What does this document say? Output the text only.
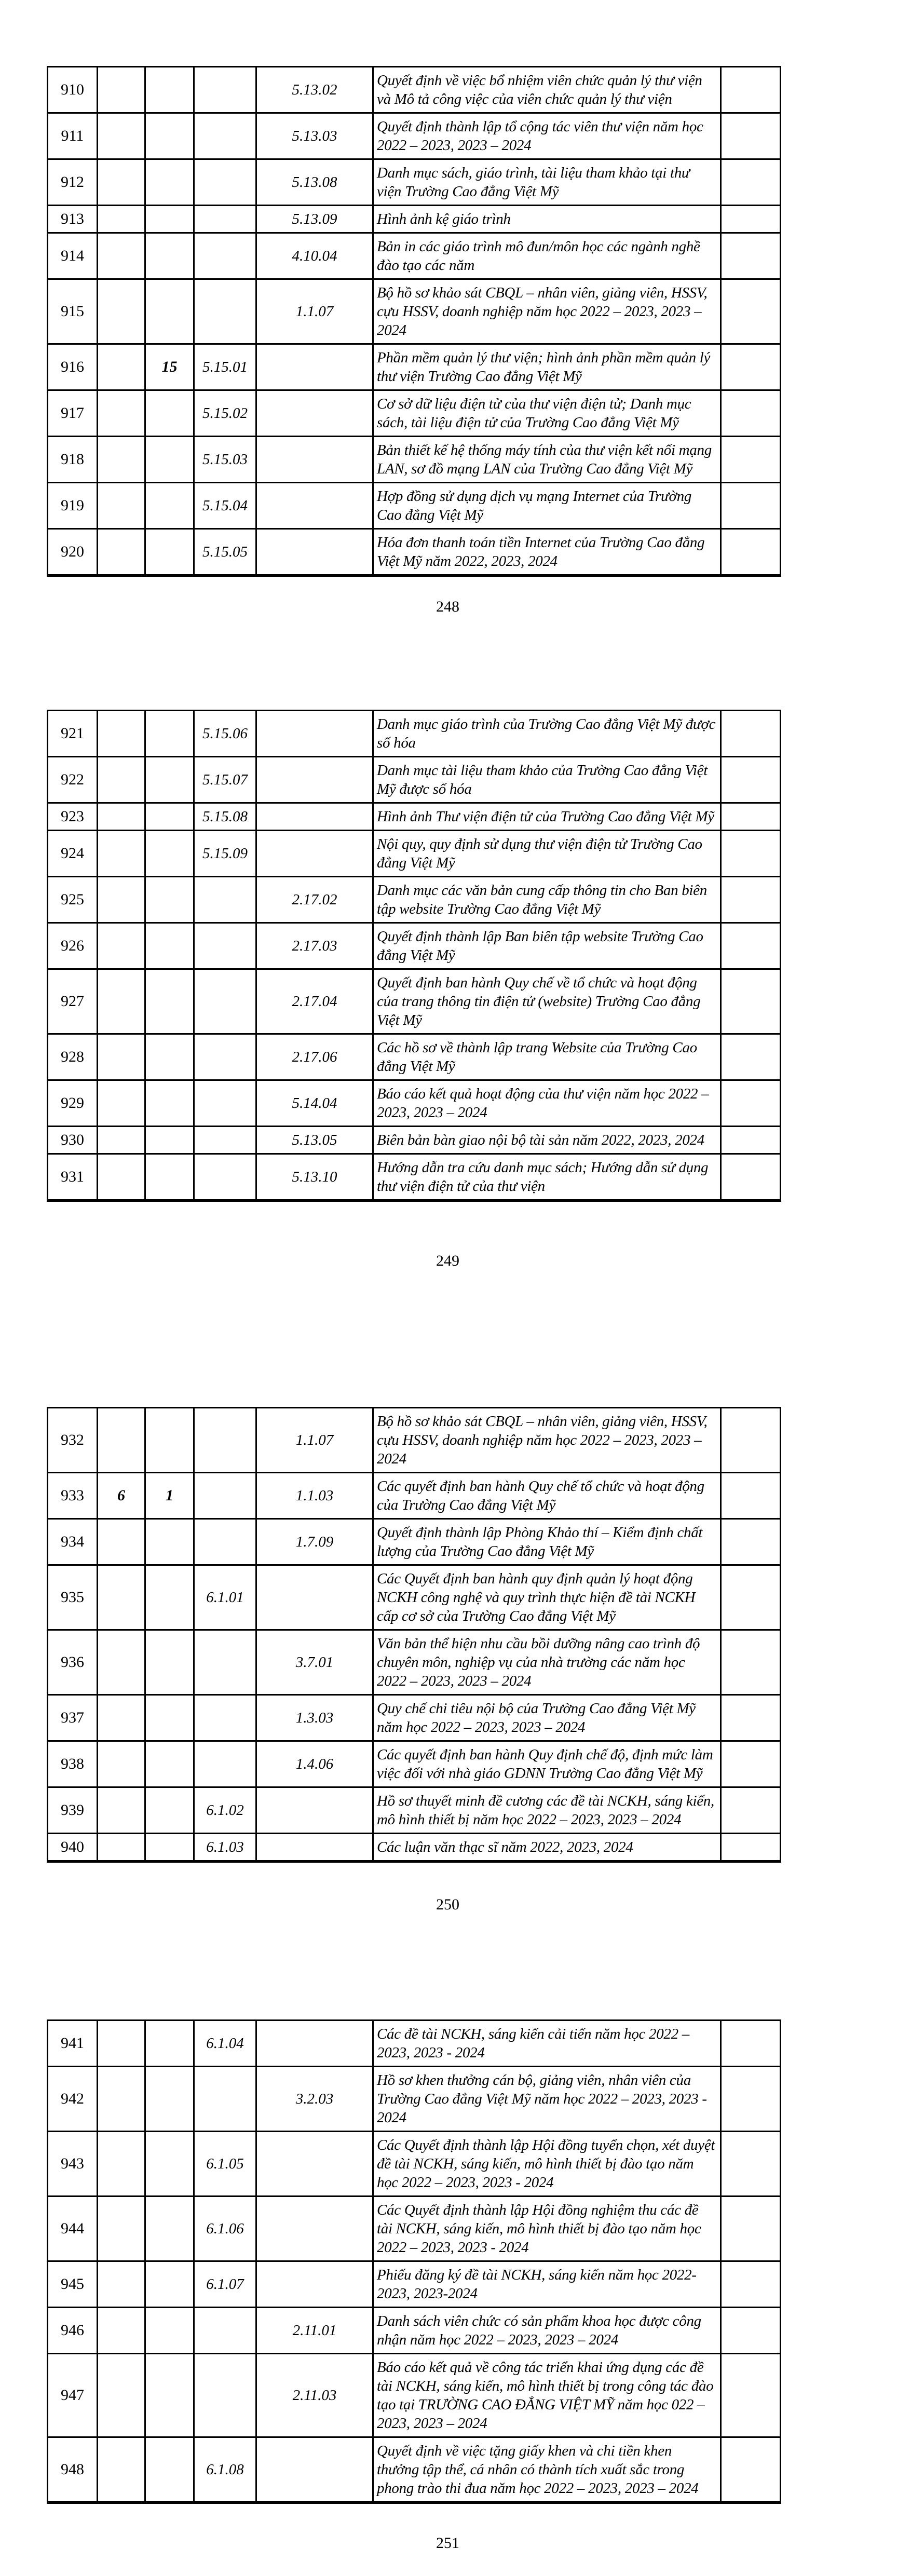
910				5.13.02	Quyết định về việc bổ nhiệm viên chức quản lý thư viện và Mô tả công việc của viên chức quản lý thư viện	
911				5.13.03	Quyết định thành lập tổ cộng tác viên thư viện năm học 2022 – 2023, 2023 – 2024	
912				5.13.08	Danh mục sách, giáo trình, tài liệu tham khảo tại thư viện Trường Cao đẳng Việt Mỹ	
913				5.13.09	Hình ảnh kệ giáo trình	
914				4.10.04	Bản in các giáo trình mô đun/môn học các ngành nghề đào tạo các năm	
915				1.1.07	Bộ hồ sơ khảo sát CBQL – nhân viên, giảng viên, HSSV, cựu HSSV, doanh nghiệp năm học 2022 – 2023, 2023 – 2024	
916		15	5.15.01		Phần mềm quản lý thư viện; hình ảnh phần mềm quản lý thư viện Trường Cao đẳng Việt Mỹ	
917			5.15.02		Cơ sở dữ liệu điện tử của thư viện điện tử; Danh mục sách, tài liệu điện tử của Trường Cao đẳng Việt Mỹ	
918			5.15.03		Bản thiết kế hệ thống máy tính của thư viện kết nối mạng LAN, sơ đồ mạng LAN của Trường Cao đẳng Việt Mỹ	
919			5.15.04		Hợp đồng sử dụng dịch vụ mạng Internet của Trường Cao đẳng Việt Mỹ	
920			5.15.05		Hóa đơn thanh toán tiền Internet của Trường Cao đẳng Việt Mỹ năm 2022, 2023, 2024	
248
921			5.15.06		Danh mục giáo trình của Trường Cao đẳng Việt Mỹ được số hóa	
922			5.15.07		Danh mục tài liệu tham khảo của Trường Cao đẳng Việt Mỹ được số hóa	
923			5.15.08		Hình ảnh Thư viện điện tử của Trường Cao đẳng Việt Mỹ	
924			5.15.09		Nội quy, quy định sử dụng thư viện điện tử Trường Cao đẳng Việt Mỹ	
925				2.17.02	Danh mục các văn bản cung cấp thông tin cho Ban biên tập website Trường Cao đẳng Việt Mỹ	
926				2.17.03	Quyết định thành lập Ban biên tập website Trường Cao đẳng Việt Mỹ	
927				2.17.04	Quyết định ban hành Quy chế về tổ chức và hoạt động của trang thông tin điện tử (website) Trường Cao đẳng Việt Mỹ	
928				2.17.06	Các hồ sơ về thành lập trang Website của Trường Cao đẳng Việt Mỹ	
929				5.14.04	Báo cáo kết quả hoạt động của thư viện năm học 2022 – 2023, 2023 – 2024	
930				5.13.05	Biên bản bàn giao nội bộ tài sản năm 2022, 2023, 2024	
931				5.13.10	Hướng dẫn tra cứu danh mục sách; Hướng dẫn sử dụng thư viện điện tử của thư viện	
249
932				1.1.07	Bộ hồ sơ khảo sát CBQL – nhân viên, giảng viên, HSSV, cựu HSSV, doanh nghiệp năm học 2022 – 2023, 2023 – 2024	
933	6	1		1.1.03	Các quyết định ban hành Quy chế tổ chức và hoạt động của Trường Cao đẳng Việt Mỹ	
934				1.7.09	Quyết định thành lập Phòng Khảo thí – Kiểm định chất lượng của Trường Cao đẳng Việt Mỹ	
935			6.1.01		Các Quyết định ban hành quy định quản lý hoạt động NCKH công nghệ và quy trình thực hiện đề tài NCKH cấp cơ sở của Trường Cao đẳng Việt Mỹ	
936				3.7.01	Văn bản thể hiện nhu cầu bồi dưỡng nâng cao trình độ chuyên môn, nghiệp vụ của nhà trường các năm học 2022 – 2023, 2023 – 2024	
937				1.3.03	Quy chế chi tiêu nội bộ của Trường Cao đẳng Việt Mỹ năm học 2022 – 2023, 2023 – 2024	
938				1.4.06	Các quyết định ban hành Quy định chế độ, định mức làm việc đối với nhà giáo GDNN Trường Cao đẳng Việt Mỹ	
939			6.1.02		Hồ sơ thuyết minh đề cương các đề tài NCKH, sáng kiến, mô hình thiết bị năm học 2022 – 2023, 2023 – 2024	
940			6.1.03		Các luận văn thạc sĩ năm 2022, 2023, 2024	
250
941			6.1.04		Các đề tài NCKH, sáng kiến cải tiến năm học 2022 – 2023, 2023 - 2024	
942				3.2.03	Hồ sơ khen thưởng cán bộ, giảng viên, nhân viên của Trường Cao đẳng Việt Mỹ năm học 2022 – 2023, 2023 - 2024	
943			6.1.05		Các Quyết định thành lập Hội đồng tuyển chọn, xét duyệt đề tài NCKH, sáng kiến, mô hình thiết bị đào tạo năm học 2022 – 2023, 2023 - 2024	
944			6.1.06		Các Quyết định thành lập Hội đồng nghiệm thu các đề tài NCKH, sáng kiến, mô hình thiết bị đào tạo năm học 2022 – 2023, 2023 - 2024	
945			6.1.07		Phiếu đăng ký đề tài NCKH, sáng kiến năm học 2022-2023, 2023-2024	
946				2.11.01	Danh sách viên chức có sản phẩm khoa học được công nhận năm học 2022 – 2023, 2023 – 2024	
947				2.11.03	Báo cáo kết quả về công tác triển khai ứng dụng các đề tài NCKH, sáng kiến, mô hình thiết bị trong công tác đào tạo tại TRƯỜNG CAO ĐẲNG VIỆT MỸ năm học 022 – 2023, 2023 – 2024	
948			6.1.08		Quyết định về việc tặng giấy khen và chi tiền khen thưởng tập thể, cá nhân có thành tích xuất sắc trong phong trào thi đua năm học 2022 – 2023, 2023 – 2024	
251
